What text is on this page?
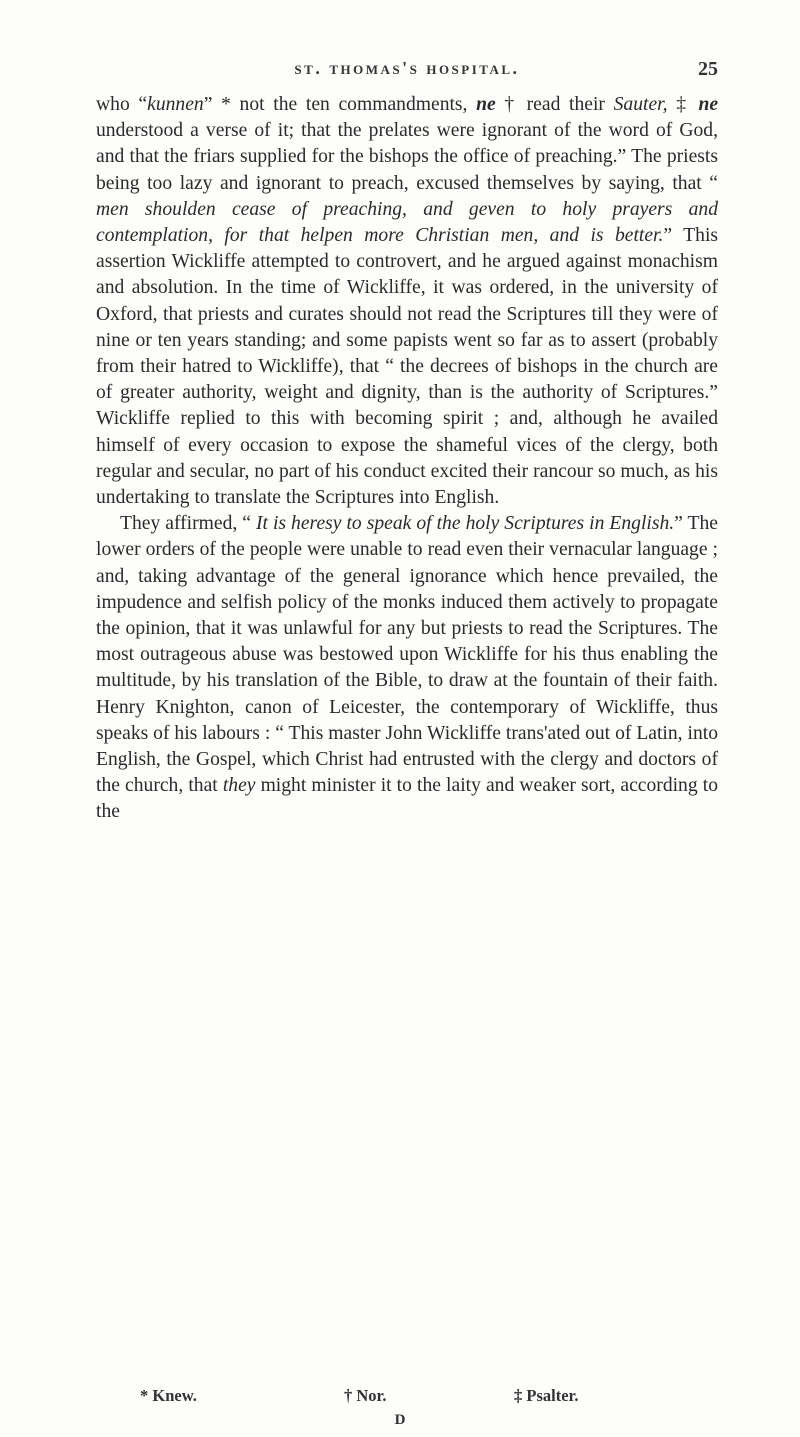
st. thomas's hospital.	25

who “kunnen” * not the ten commandments, ne † read their Sauter, ‡ ne understood a verse of it; that the prelates were ignorant of the word of God, and that the friars supplied for the bishops the office of preaching.” The priests being too lazy and ignorant to preach, excused themselves by saying, that “ men shoulden cease of preaching, and geven to holy prayers and contemplation, for that helpen more Christian men, and is better.” This assertion Wickliffe attempted to controvert, and he argued against monachism and absolution. In the time of Wickliffe, it was ordered, in the university of Oxford, that priests and curates should not read the Scriptures till they were of nine or ten years standing; and some papists went so far as to assert (probably from their hatred to Wickliffe), that “ the decrees of bishops in the church are of greater authority, weight and dignity, than is the authority of Scriptures.” Wickliffe replied to this with becoming spirit ; and, although he availed himself of every occasion to expose the shameful vices of the clergy, both regular and secular, no part of his conduct excited their rancour so much, as his undertaking to translate the Scriptures into English.

They affirmed, “ It is heresy to speak of the holy Scriptures in English.” The lower orders of the people were unable to read even their vernacular language ; and, taking advantage of the general ignorance which hence prevailed, the impudence and selfish policy of the monks induced them actively to propagate the opinion, that it was unlawful for any but priests to read the Scriptures. The most outrageous abuse was bestowed upon Wickliffe for his thus enabling the multitude, by his translation of the Bible, to draw at the fountain of their faith. Henry Knighton, canon of Leicester, the contemporary of Wickliffe, thus speaks of his labours : “ This master John Wickliffe trans'ated out of Latin, into English, the Gospel, which Christ had entrusted with the clergy and doctors of the church, that they might minister it to the laity and weaker sort, according to the

* Knew.	† Nor.	‡ Psalter.
D
